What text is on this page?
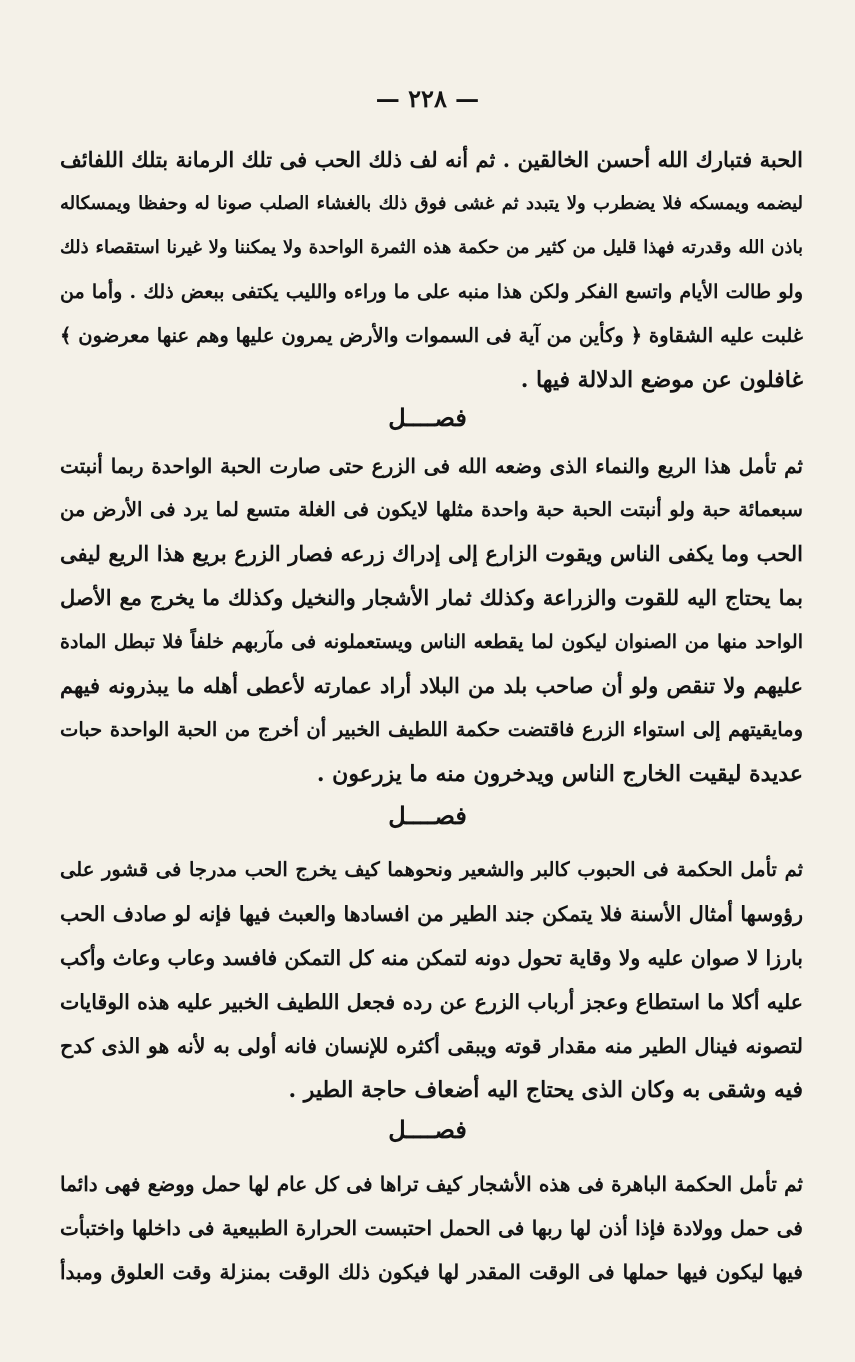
— ٢٢٨ —
الحبة فتبارك الله أحسن الخالقين . ثم أنه لف ذلك الحب فى تلك الرمانة بتلك اللفائف
ليضمه ويمسكه فلا يضطرب ولا يتبدد ثم غشى فوق ذلك بالغشاء الصلب صونا له وحفظا ويمسكاله
باذن الله وقدرته فهذا قليل من كثير من حكمة هذه الثمرة الواحدة ولا يمكننا ولا غيرنا استقصاء ذلك
ولو طالت الأيام واتسع الفكر ولكن هذا منبه على ما وراءه والليب يكتفى ببعض ذلك . وأما من
غلبت عليه الشقاوة ﴿ وكأين من آية فى السموات والأرض يمرون عليها وهم عنها معرضون ﴾
غافلون عن موضع الدلالة فيها .
فصــــل
ثم تأمل هذا الريع والنماء الذى وضعه الله فى الزرع حتى صارت الحبة الواحدة ربما أنبتت
سبعمائة حبة ولو أنبتت الحبة حبة واحدة مثلها لايكون فى الغلة متسع لما يرد فى الأرض من
الحب وما يكفى الناس ويقوت الزارع إلى إدراك زرعه فصار الزرع بريع هذا الريع ليفى
بما يحتاج اليه للقوت والزراعة وكذلك ثمار الأشجار والنخيل وكذلك ما يخرج مع الأصل
الواحد منها من الصنوان ليكون لما يقطعه الناس ويستعملونه فى مآربهم خلفاً فلا تبطل المادة
عليهم ولا تنقص ولو أن صاحب بلد من البلاد أراد عمارته لأعطى أهله ما يبذرونه فيهم
ومايقيتهم إلى استواء الزرع فاقتضت حكمة اللطيف الخبير أن أخرج من الحبة الواحدة حبات
عديدة ليقيت الخارج الناس ويدخرون منه ما يزرعون .
فصــــل
ثم تأمل الحكمة فى الحبوب كالبر والشعير ونحوهما كيف يخرج الحب مدرجا فى قشور على
رؤوسها أمثال الأسنة فلا يتمكن جند الطير من افسادها والعبث فيها فإنه لو صادف الحب
بارزا لا صوان عليه ولا وقاية تحول دونه لتمكن منه كل التمكن فافسد وعاب وعاث وأكب
عليه أكلا ما استطاع وعجز أرباب الزرع عن رده فجعل اللطيف الخبير عليه هذه الوقايات
لتصونه فينال الطير منه مقدار قوته ويبقى أكثره للإنسان فانه أولى به لأنه هو الذى كدح
فيه وشقى به وكان الذى يحتاج اليه أضعاف حاجة الطير .
فصــــل
ثم تأمل الحكمة الباهرة فى هذه الأشجار كيف تراها فى كل عام لها حمل ووضع فهى دائما
فى حمل وولادة فإذا أذن لها ربها فى الحمل احتبست الحرارة الطبيعية فى داخلها واختبأت
فيها ليكون فيها حملها فى الوقت المقدر لها فيكون ذلك الوقت بمنزلة وقت العلوق ومبدأ
